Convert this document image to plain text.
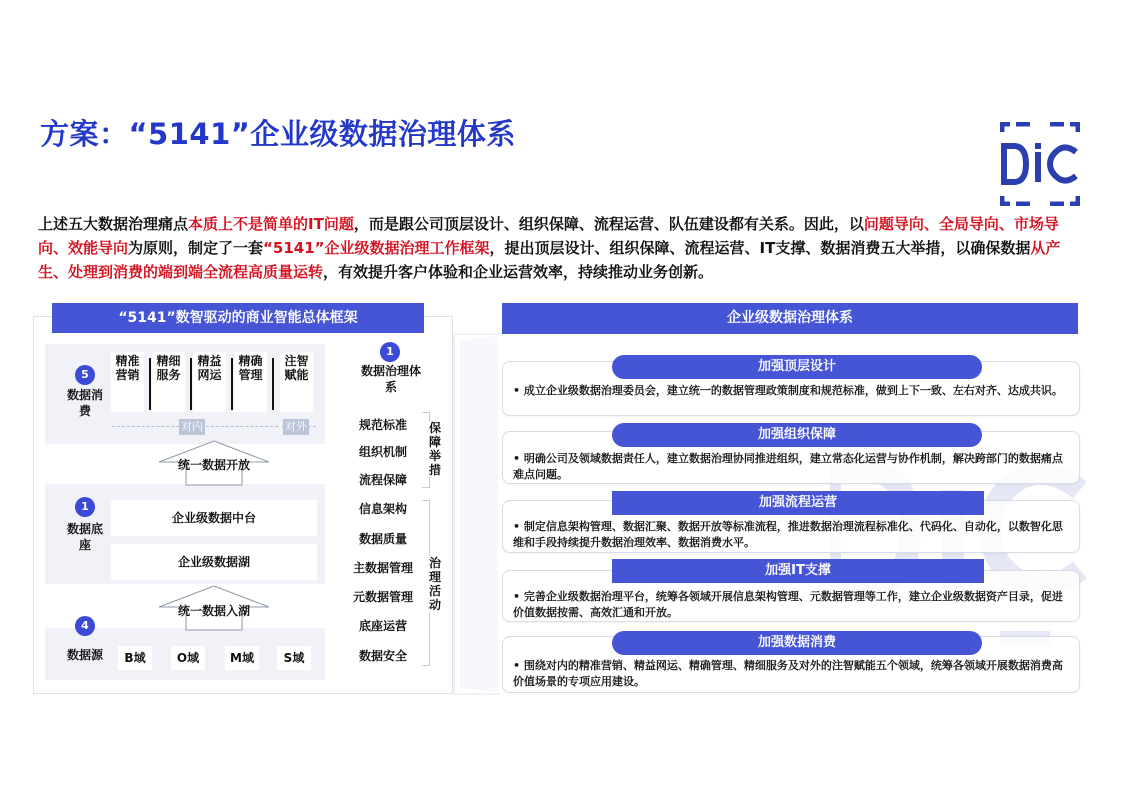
方案：“5141”企业级数据治理体系
上述五大数据治理痛点本质上不是简单的IT问题，而是跟公司顶层设计、组织保障、流程运营、队伍建设都有关系。因此，以问题导向、全局导向、市场导向、效能导向为原则，制定了一套“5141”企业级数据治理工作框架，提出顶层设计、组织保障、流程运营、IT支撑、数据消费五大举措，以确保数据从产生、处理到消费的端到端全流程高质量运转，有效提升客户体验和企业运营效率，持续推动业务创新。
“5141”数智驱动的商业智能总体框架
5
数据消费
精准营销
精细服务
精益网运
精确管理
注智赋能
对内	对外
统一数据开放
1
数据底座
企业级数据中台
企业级数据湖
统一数据入湖
4
数据源	B域	O域	M域	S域
1
数据治理体系
规范标准
组织机制
流程保障
保障举措
信息架构
数据质量
主数据管理
元数据管理
底座运营
数据安全
治理活动
企业级数据治理体系
• 成立企业级数据治理委员会，建立统一的数据管理政策制度和规范标准，做到上下一致、左右对齐、达成共识。
加强顶层设计
• 明确公司及领域数据责任人，建立数据治理协同推进组织，建立常态化运营与协作机制，解决跨部门的数据痛点难点问题。
加强组织保障
• 制定信息架构管理、数据汇聚、数据开放等标准流程，推进数据治理流程标准化、代码化、自动化，以数智化思维和手段持续提升数据治理效率、数据消费水平。
加强流程运营
• 完善企业级数据治理平台，统筹各领域开展信息架构管理、元数据管理等工作，建立企业级数据资产目录，促进价值数据按需、高效汇通和开放。
加强IT支撑
• 围绕对内的精准营销、精益网运、精确管理、精细服务及对外的注智赋能五个领域，统筹各领域开展数据消费高价值场景的专项应用建设。
加强数据消费
